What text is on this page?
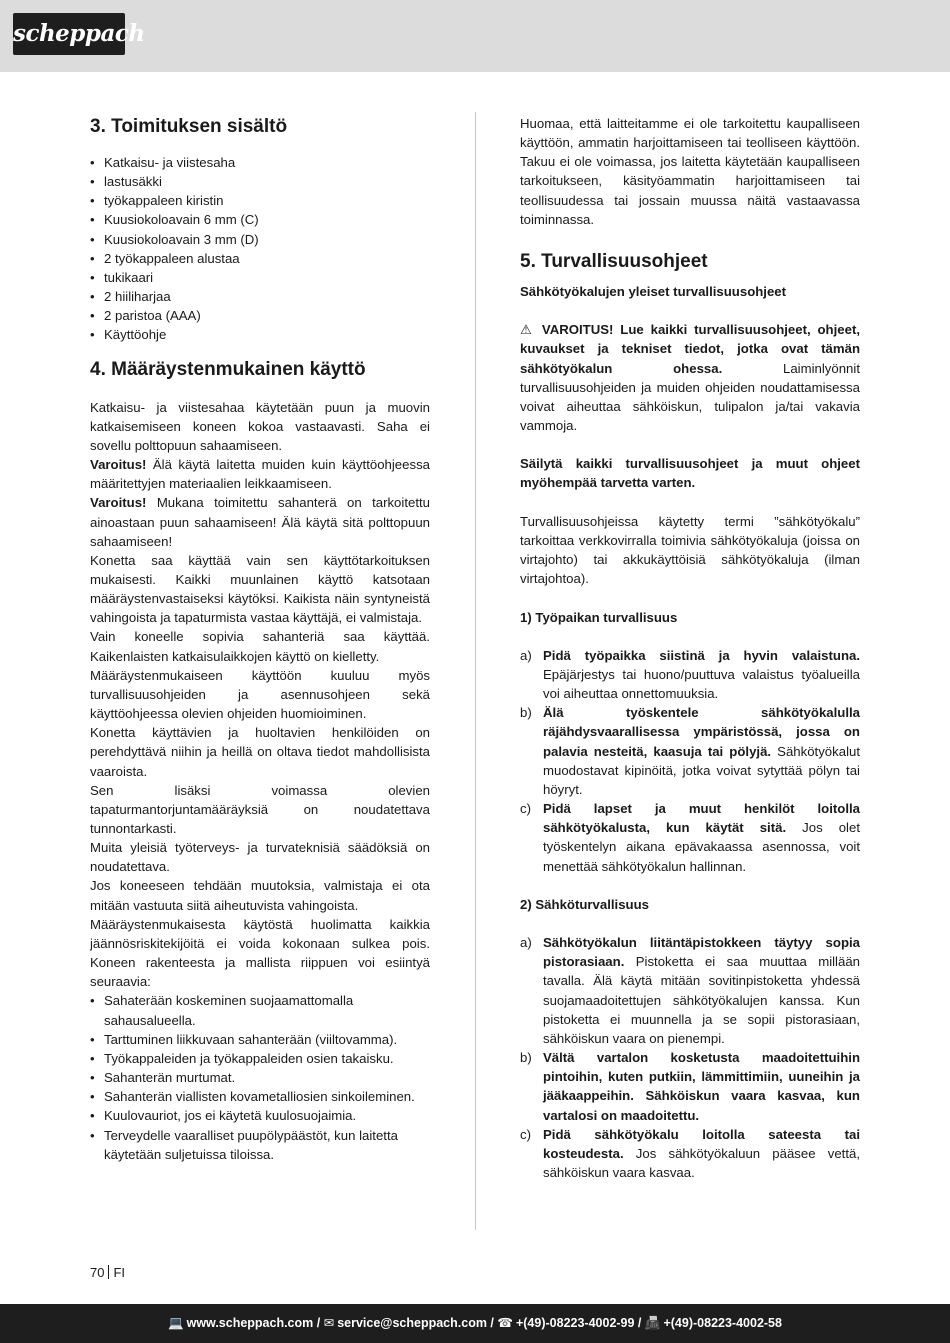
scheppach
3. Toimituksen sisältö
• Katkaisu- ja viistesaha
• lastusäkki
• työkappaleen kiristin
• Kuusiokoloavain 6 mm (C)
• Kuusiokoloavain 3 mm (D)
• 2 työkappaleen alustaa
• tukikaari
• 2 hiiliharjaa
• 2 paristoa (AAA)
• Käyttöohje
4. Määräystenmukainen käyttö

Katkaisu- ja viistesahaa käytetään puun ja muovin katkaisemiseen koneen kokoa vastaavasti. Saha ei sovellu polttopuun sahaamiseen.

Varoitus! Älä käytä laitetta muiden kuin käyttöohjeessa määritettyjen materiaalien leikkaamiseen.

Varoitus! Mukana toimitettu sahanterä on tarkoitettu ainoastaan puun sahaamiseen! Älä käytä sitä polttopuun sahaamiseen!

Konetta saa käyttää vain sen käyttötarkoituksen mukaisesti. Kaikki muunlainen käyttö katsotaan määräystenvastaiseksi käytöksi. Kaikista näin syntyneistä vahingoista ja tapaturmista vastaa käyttäjä, ei valmistaja.

Vain koneelle sopivia sahanteriä saa käyttää. Kaikenlaisten katkaisulaikkojen käyttö on kielletty.

Määräystenmukaiseen käyttöön kuuluu myös turvallisuusohjeiden ja asennusohjeen sekä käyttöohjeessa olevien ohjeiden huomioiminen.

Konetta käyttävien ja huoltavien henkilöiden on perehdyttävä niihin ja heillä on oltava tiedot mahdollisista vaaroista.

Sen lisäksi voimassa olevien tapaturmantorjuntamääräyksiä on noudatettava tunnontarkasti.

Muita yleisiä työterveys- ja turvateknisiä säädöksiä on noudatettava.

Jos koneeseen tehdään muutoksia, valmistaja ei ota mitään vastuuta siitä aiheutuvista vahingoista.

Määräystenmukaisesta käytöstä huolimatta kaikkia jäännösriskitekijöitä ei voida kokonaan sulkea pois. Koneen rakenteesta ja mallista riippuen voi esiintyä seuraavia:

• Sahaterään koskeminen suojaamattomalla sahausalueella.
• Tarttuminen liikkuvaan sahanterään (viiltovamma).
• Työkappaleiden ja työkappaleiden osien takaisku.
• Sahanterän murtumat.
• Sahanterän viallisten kovametalliosien sinkoileminen.
• Kuulovauriot, jos ei käytetä kuulosuojaimia.
• Terveydelle vaaralliset puupölypäästöt, kun laitetta käytetään suljetuissa tiloissa.

Huomaa, että laitteitamme ei ole tarkoitettu kaupalliseen käyttöön, ammatin harjoittamiseen tai teolliseen käyttöön. Takuu ei ole voimassa, jos laitetta käytetään kaupalliseen tarkoitukseen, käsityöammatin harjoittamiseen tai teollisuudessa tai jossain muussa näitä vastaavassa toiminnassa.

5. Turvallisuusohjeet

Sähkötyökalujen yleiset turvallisuusohjeet

⚠ VAROITUS! Lue kaikki turvallisuusohjeet, ohjeet, kuvaukset ja tekniset tiedot, jotka ovat tämän sähkötyökalun ohessa. Laiminlyönnit turvallisuusohjeiden ja muiden ohjeiden noudattamisessa voivat aiheuttaa sähköiskun, tulipalon ja/tai vakavia vammoja.

Säilytä kaikki turvallisuusohjeet ja muut ohjeet myöhempää tarvetta varten.

Turvallisuusohjeissa käytetty termi ”sähkötyökalu” tarkoittaa verkkovirralla toimivia sähkötyökaluja (joissa on virtajohto) tai akkukäyttöisiä sähkötyökaluja (ilman virtajohtoa).

1) Työpaikan turvallisuus

a) Pidä työpaikka siistinä ja hyvin valaistuna. Epäjärjestys tai huono/puuttuva valaistus työalueilla voi aiheuttaa onnettomuuksia.
b) Älä työskentele sähkötyökalulla räjähdysvaarallisessa ympäristössä, jossa on palavia nesteitä, kaasuja tai pölyjä. Sähkötyökalut muodostavat kipinöitä, jotka voivat sytyttää pölyn tai höyryt.
c) Pidä lapset ja muut henkilöt loitolla sähkötyökalusta, kun käytät sitä. Jos olet työskentelyn aikana epävakaassa asennossa, voit menettää sähkötyökalun hallinnan.

2) Sähköturvallisuus

a) Sähkötyökalun liitäntäpistokkeen täytyy sopia pistorasiaan. Pistoketta ei saa muuttaa millään tavalla. Älä käytä mitään sovitinpistoketta yhdessä suojamaadoitettujen sähkötyökalujen kanssa. Kun pistoketta ei muunnella ja se sopii pistorasiaan, sähköiskun vaara on pienempi.
b) Vältä vartalon kosketusta maadoitettuihin pintoihin, kuten putkiin, lämmittimiin, uuneihin ja jääkaappeihin. Sähköiskun vaara kasvaa, kun vartalosi on maadoitettu.
c) Pidä sähkötyökalu loitolla sateesta tai kosteudesta. Jos sähkötyökaluun pääsee vettä, sähköiskun vaara kasvaa.
70 FI
💻 www.scheppach.com / ✉ service@scheppach.com / ☎ +(49)-08223-4002-99 / 📠 +(49)-08223-4002-58
